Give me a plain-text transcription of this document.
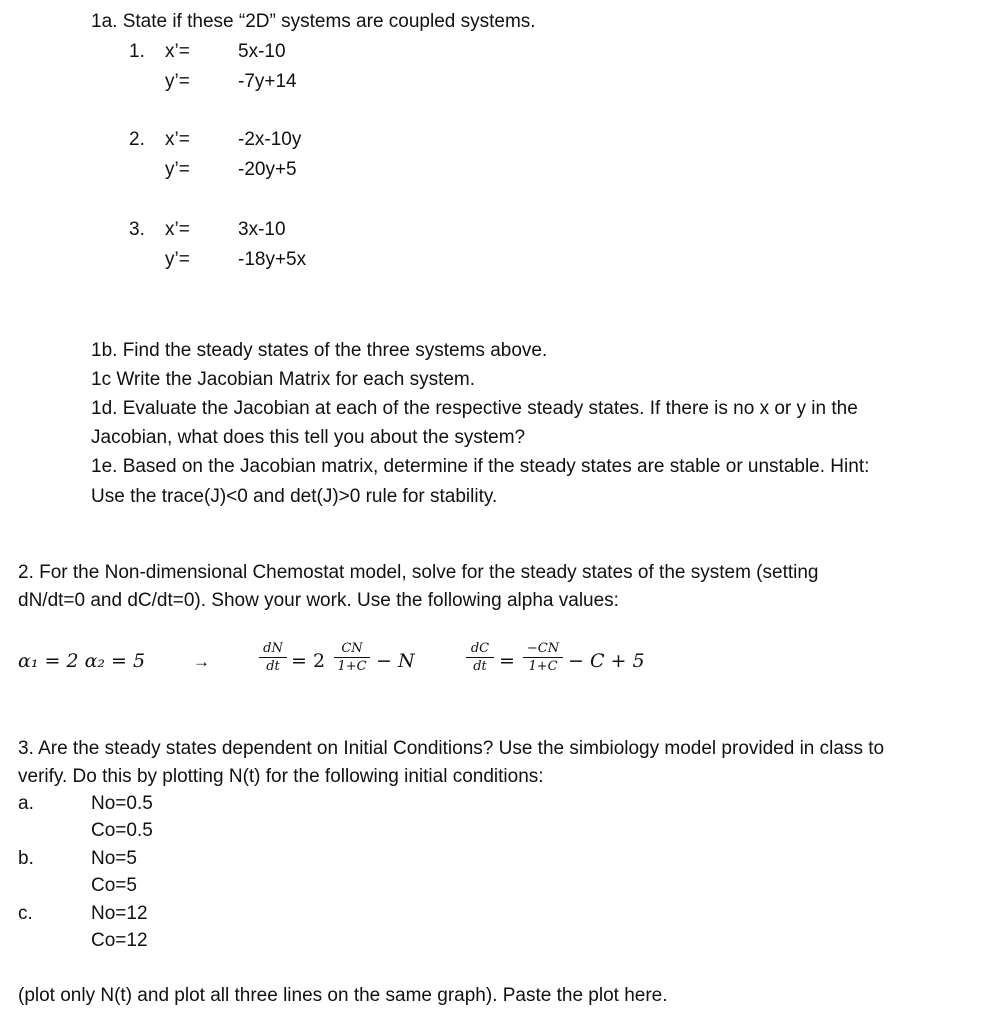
1a. State if these “2D” systems are coupled systems.
1. x’=	5x-10
y’=	-7y+14
2. x’=	-2x-10y
y’=	-20y+5
3. x’=	3x-10
y’=	-18y+5x
1b. Find the steady states of the three systems above.
1c Write the Jacobian Matrix for each system.
1d. Evaluate the Jacobian at each of the respective steady states. If there is no x or y in the
Jacobian, what does this tell you about the system?
1e. Based on the Jacobian matrix, determine if the steady states are stable or unstable. Hint:
Use the trace(J)<0 and det(J)>0 rule for stability.
2. For the Non-dimensional Chemostat model, solve for the steady states of the system (setting
dN/dt=0 and dC/dt=0). Show your work. Use the following alpha values:
α₁ = 2 α₂ = 5	→
dN
dt = 2
CN
1+C − N
dC
dt =
−CN
1+C − C + 5
3. Are the steady states dependent on Initial Conditions? Use the simbiology model provided in class to
verify. Do this by plotting N(t) for the following initial conditions:
a.	No=0.5
Co=0.5
b.	No=5
Co=5
c.	No=12
Co=12
(plot only N(t) and plot all three lines on the same graph). Paste the plot here.
